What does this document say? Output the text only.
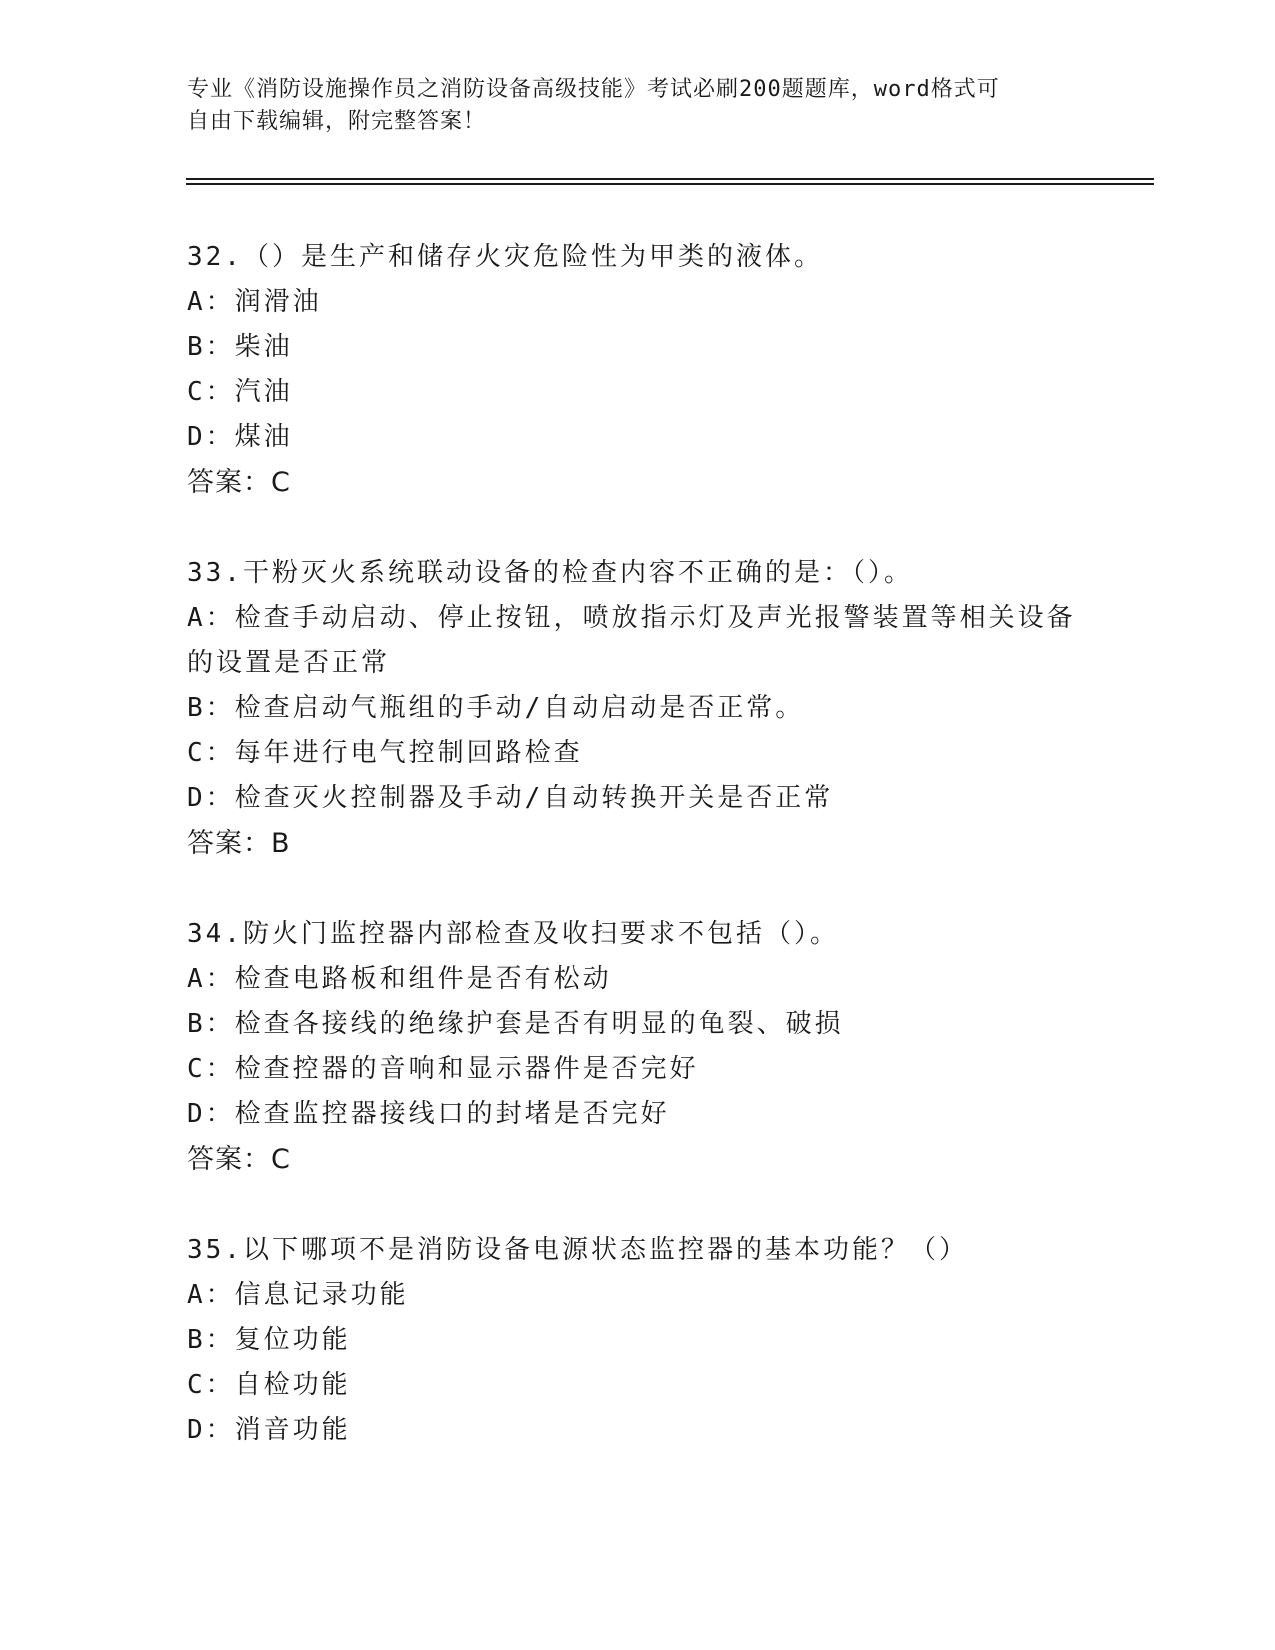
专业《消防设施操作员之消防设备高级技能》考试必刷200题题库，word格式可
自由下载编辑，附完整答案！
32.（）是生产和储存火灾危险性为甲类的液体。
A：润滑油
B：柴油
C：汽油
D：煤油
答案：C
33.干粉灭火系统联动设备的检查内容不正确的是：（）。
A：检查手动启动、停止按钮，喷放指示灯及声光报警装置等相关设备
的设置是否正常
B：检查启动气瓶组的手动/自动启动是否正常。
C：每年进行电气控制回路检查
D：检查灭火控制器及手动/自动转换开关是否正常
答案：B
34.防火门监控器内部检查及收扫要求不包括（）。
A：检查电路板和组件是否有松动
B：检查各接线的绝缘护套是否有明显的龟裂、破损
C：检查控器的音响和显示器件是否完好
D：检查监控器接线口的封堵是否完好
答案：C
35.以下哪项不是消防设备电源状态监控器的基本功能？（）
A：信息记录功能
B：复位功能
C：自检功能
D：消音功能
